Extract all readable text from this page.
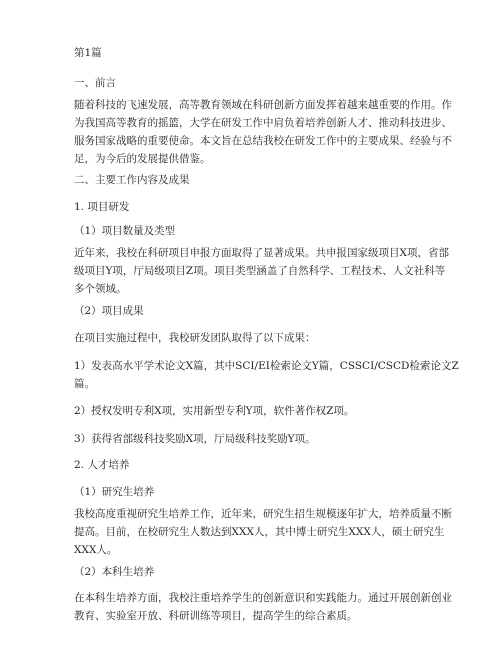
第1篇
一、前言
随着科技的飞速发展，高等教育领域在科研创新方面发挥着越来越重要的作用。作
为我国高等教育的摇篮，大学在研发工作中肩负着培养创新人才、推动科技进步、
服务国家战略的重要使命。本文旨在总结我校在研发工作中的主要成果、经验与不
足，为今后的发展提供借鉴。
二、主要工作内容及成果
1. 项目研发
（1）项目数量及类型
近年来，我校在科研项目申报方面取得了显著成果。共申报国家级项目X项，省部
级项目Y项，厅局级项目Z项。项目类型涵盖了自然科学、工程技术、人文社科等
多个领域。
（2）项目成果
在项目实施过程中，我校研发团队取得了以下成果：
1）发表高水平学术论文X篇，其中SCI/EI检索论文Y篇，CSSCI/CSCD检索论文Z
篇。
2）授权发明专利X项，实用新型专利Y项，软件著作权Z项。
3）获得省部级科技奖励X项，厅局级科技奖励Y项。
2. 人才培养
（1）研究生培养
我校高度重视研究生培养工作，近年来，研究生招生规模逐年扩大，培养质量不断
提高。目前，在校研究生人数达到XXX人，其中博士研究生XXX人，硕士研究生
XXX人。
（2）本科生培养
在本科生培养方面，我校注重培养学生的创新意识和实践能力。通过开展创新创业
教育、实验室开放、科研训练等项目，提高学生的综合素质。
